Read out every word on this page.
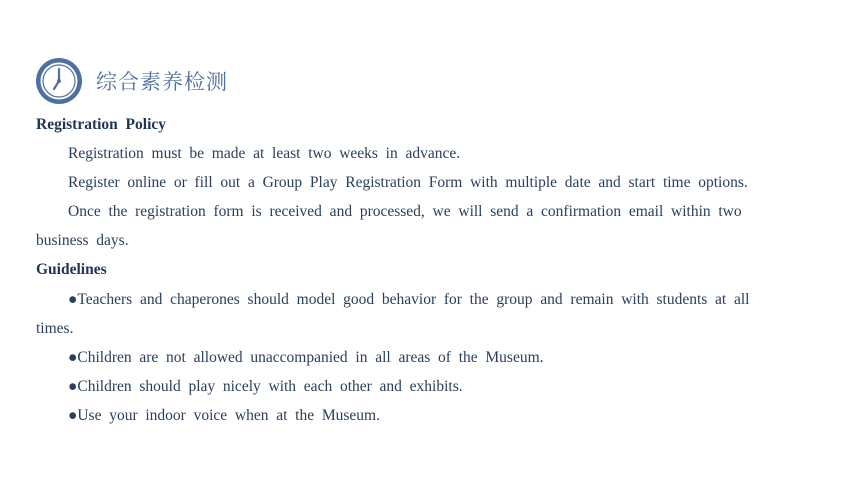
综合素养检测
Registration  Policy
Registration  must  be  made  at  least  two  weeks  in  advance.
Register  online  or  fill  out  a  Group  Play  Registration  Form  with  multiple  date  and  start  time  options.
Once  the  registration  form  is  received  and  processed,  we  will  send  a  confirmation  email  within  two
business  days.
Guidelines
●Teachers  and  chaperones  should  model  good  behavior  for  the  group  and  remain  with  students  at  all
times.
●Children  are  not  allowed  unaccompanied  in  all  areas  of  the  Museum.
●Children  should  play  nicely  with  each  other  and  exhibits.
●Use  your  indoor  voice  when  at  the  Museum.
